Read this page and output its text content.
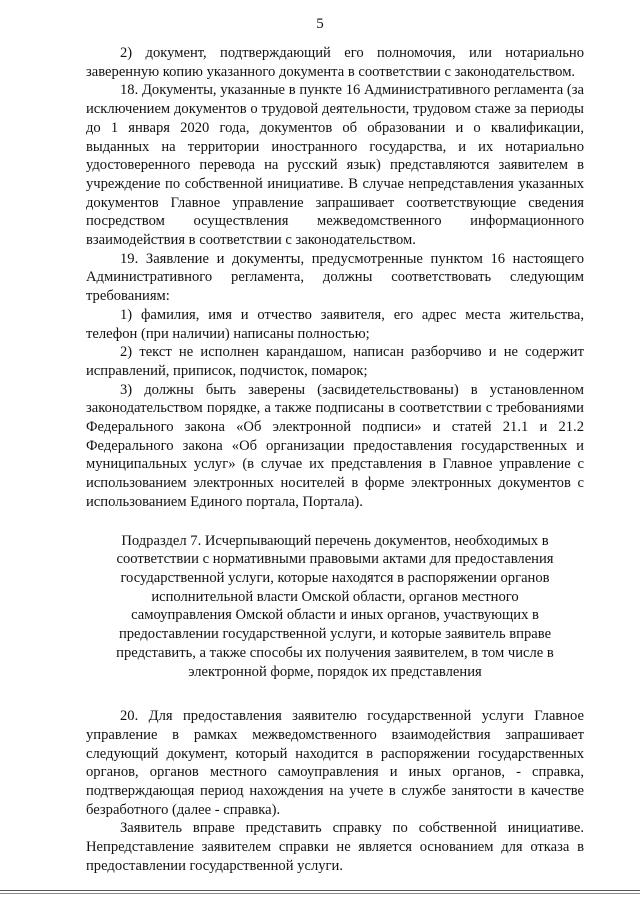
5

2) документ, подтверждающий его полномочия, или нотариально заверенную копию указанного документа в соответствии с законодательством.

18. Документы, указанные в пункте 16 Административного регламента (за исключением документов о трудовой деятельности, трудовом стаже за периоды до 1 января 2020 года, документов об образовании и о квалификации, выданных на территории иностранного государства, и их нотариально удостоверенного перевода на русский язык) представляются заявителем в учреждение по собственной инициативе. В случае непредставления указанных документов Главное управление запрашивает соответствующие сведения посредством осуществления межведомственного информационного взаимодействия в соответствии с законодательством.

19. Заявление и документы, предусмотренные пунктом 16 настоящего Административного регламента, должны соответствовать следующим требованиям:

1) фамилия, имя и отчество заявителя, его адрес места жительства, телефон (при наличии) написаны полностью;

2) текст не исполнен карандашом, написан разборчиво и не содержит исправлений, приписок, подчисток, помарок;

3) должны быть заверены (засвидетельствованы) в установленном законодательством порядке, а также подписаны в соответствии с требованиями Федерального закона «Об электронной подписи» и статей 21.1 и 21.2 Федерального закона «Об организации предоставления государственных и муниципальных услуг» (в случае их представления в Главное управление с использованием электронных носителей в форме электронных документов с использованием Единого портала, Портала).

Подраздел 7. Исчерпывающий перечень документов, необходимых в соответствии с нормативными правовыми актами для предоставления государственной услуги, которые находятся в распоряжении органов исполнительной власти Омской области, органов местного самоуправления Омской области и иных органов, участвующих в предоставлении государственной услуги, и которые заявитель вправе представить, а также способы их получения заявителем, в том числе в электронной форме, порядок их представления

20. Для предоставления заявителю государственной услуги Главное управление в рамках межведомственного взаимодействия запрашивает следующий документ, который находится в распоряжении государственных органов, органов местного самоуправления и иных органов, - справка, подтверждающая период нахождения на учете в службе занятости в качестве безработного (далее - справка).

Заявитель вправе представить справку по собственной инициативе. Непредставление заявителем справки не является основанием для отказа в предоставлении государственной услуги.
